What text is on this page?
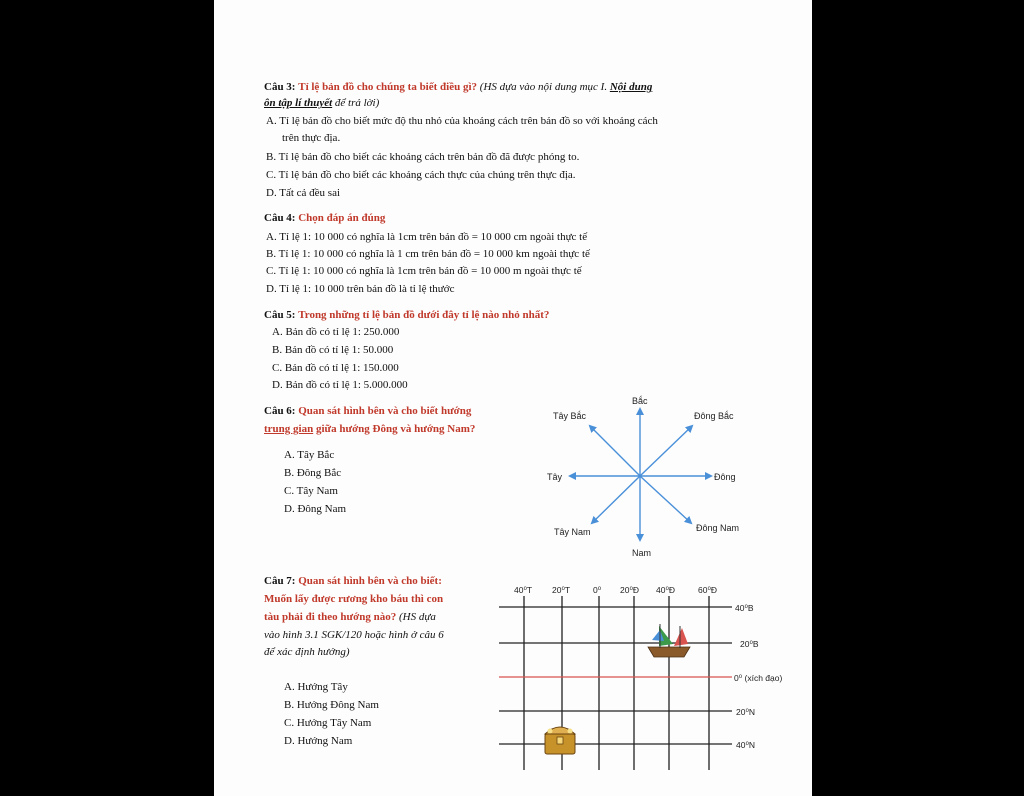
Câu 3: Tỉ lệ bản đồ cho chúng ta biết điều gì? (HS dựa vào nội dung mục I. Nội dung
ôn tập lí thuyết để trả lời)
A. Tỉ lệ bản đồ cho biết mức độ thu nhỏ của khoảng cách trên bản đồ so với khoảng cách
trên thực địa.
B. Tỉ lệ bản đồ cho biết các khoảng cách trên bản đồ đã được phóng to.
C. Tỉ lệ bản đồ cho biết các khoảng cách thực của chúng trên thực địa.
D. Tất cả đều sai
Câu 4: Chọn đáp án đúng
A. Tỉ lệ 1: 10 000 có nghĩa là 1cm trên bản đồ = 10 000 cm ngoài thực tế
B. Tỉ lệ 1: 10 000 có nghĩa là 1 cm trên bản đồ = 10 000 km ngoài thực tế
C. Tỉ lệ 1: 10 000 có nghĩa là 1cm trên bản đồ = 10 000 m ngoài thực tế
D. Tỉ lệ 1: 10 000 trên bản đồ là tỉ lệ thước
Câu 5: Trong những tỉ lệ bản đồ dưới đây tỉ lệ nào nhỏ nhất?
A. Bản đồ có tỉ lệ 1: 250.000
B. Bản đồ có tỉ lệ 1: 50.000
C. Bản đồ có tỉ lệ 1: 150.000
D. Bản đồ có tỉ lệ 1: 5.000.000
Câu 6: Quan sát hình bên và cho biết hướng
trung gian giữa hướng Đông và hướng Nam?
A. Tây Bắc
B. Đông Bắc
C. Tây Nam
D. Đông Nam
Bắc
Nam
Đông
Tây
Đông Bắc
Tây Bắc
Đông Nam
Tây Nam
Câu 7: Quan sát hình bên và cho biết:
Muốn lấy được rương kho báu thì con
tàu phải đi theo hướng nào? (HS dựa
vào hình 3.1 SGK/120 hoặc hình ở câu 6
để xác định hướng)
A. Hướng Tây
B. Hướng Đông Nam
C. Hướng Tây Nam
D. Hướng Nam
40⁰T 20⁰T	0⁰ 20⁰Đ 40⁰Đ	60⁰Đ
40⁰B
20⁰B
0⁰ (xích đạo)
20⁰N
40⁰N
